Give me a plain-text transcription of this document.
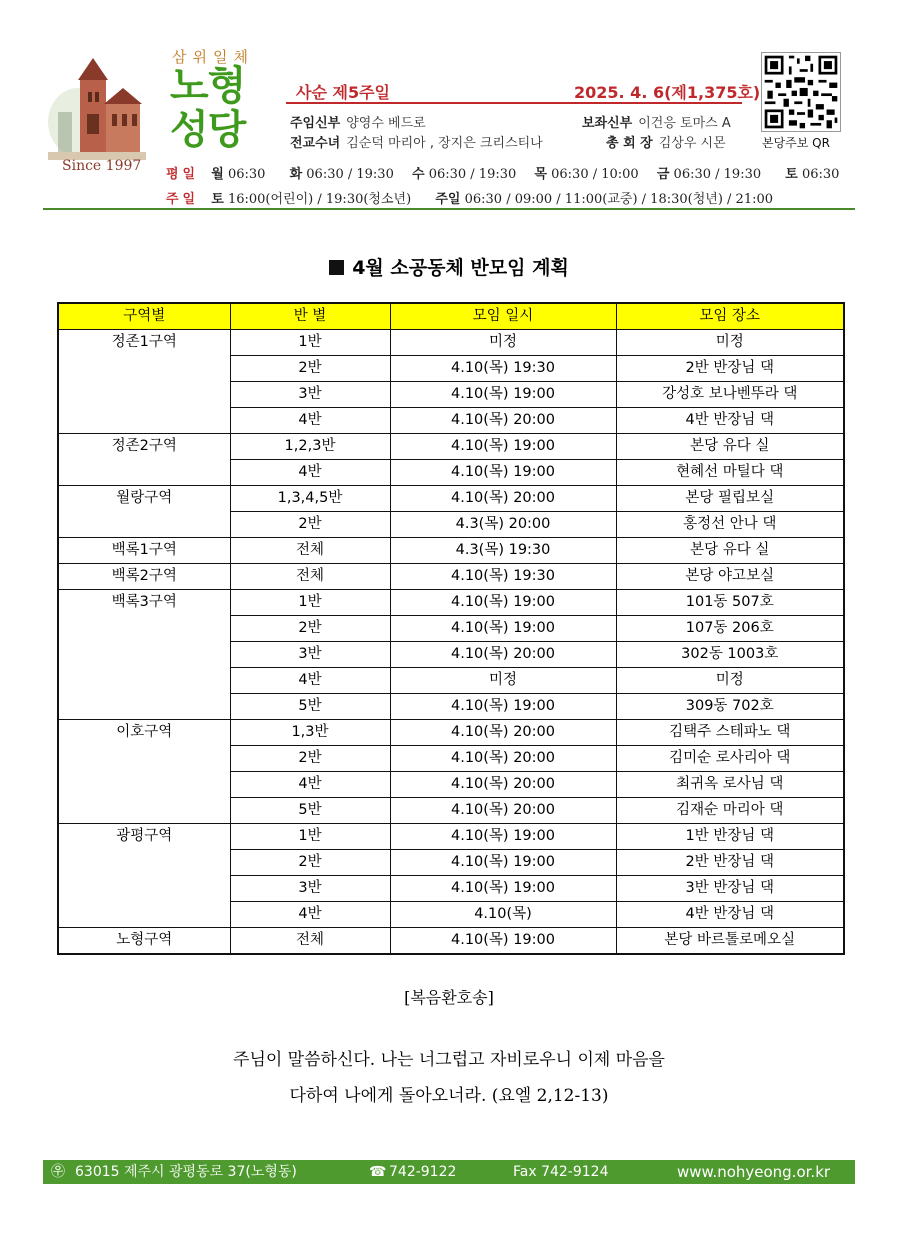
Since 1997
삼위일체
노형
성당
사순 제5주일	2025. 4. 6(제1,375호)
주임신부 양영수 베드로	보좌신부 이건응 토마스 A
전교수녀 김순덕 마리아 , 장지은 크리스티나	총 회 장 김상우 시몬	본당주보 QR
평일 월 06:30 화 06:30 / 19:30 수 06:30 / 19:30 목 06:30 / 10:00 금 06:30 / 19:30 토 06:30
주일 토 16:00(어린이) / 19:30(청소년) 주일 06:30 / 09:00 / 11:00(교중) / 18:30(청년) / 21:00
4월 소공동체 반모임 계획
구역별	반 별	모임 일시	모임 장소
정존1구역	1반	미정	미정
	2반	4.10(목) 19:30	2반 반장님 댁
	3반	4.10(목) 19:00	강성호 보나벤뚜라 댁
	4반	4.10(목) 20:00	4반 반장님 댁
정존2구역	1,2,3반	4.10(목) 19:00	본당 유다 실
	4반	4.10(목) 19:00	현혜선 마틸다 댁
월랑구역	1,3,4,5반	4.10(목) 20:00	본당 필립보실
	2반	4.3(목) 20:00	홍정선 안나 댁
백록1구역	전체	4.3(목) 19:30	본당 유다 실
백록2구역	전체	4.10(목) 19:30	본당 야고보실
백록3구역	1반	4.10(목) 19:00	101동 507호
	2반	4.10(목) 19:00	107동 206호
	3반	4.10(목) 20:00	302동 1003호
	4반	미정	미정
	5반	4.10(목) 19:00	309동 702호
이호구역	1,3반	4.10(목) 20:00	김택주 스테파노 댁
	2반	4.10(목) 20:00	김미순 로사리아 댁
	4반	4.10(목) 20:00	최귀옥 로사님 댁
	5반	4.10(목) 20:00	김재순 마리아 댁
광평구역	1반	4.10(목) 19:00	1반 반장님 댁
	2반	4.10(목) 19:00	2반 반장님 댁
	3반	4.10(목) 19:00	3반 반장님 댁
	4반	4.10(목)	4반 반장님 댁
노형구역	전체	4.10(목) 19:00	본당 바르톨로메오실
[복음환호송]
주님이 말씀하신다. 나는 너그럽고 자비로우니 이제 마음을
다하여 나에게 돌아오너라. (요엘 2,12-13)
㉾ 63015 제주시 광평동로 37(노형동)	☎ 742-9122	Fax 742-9124	www.nohyeong.or.kr
